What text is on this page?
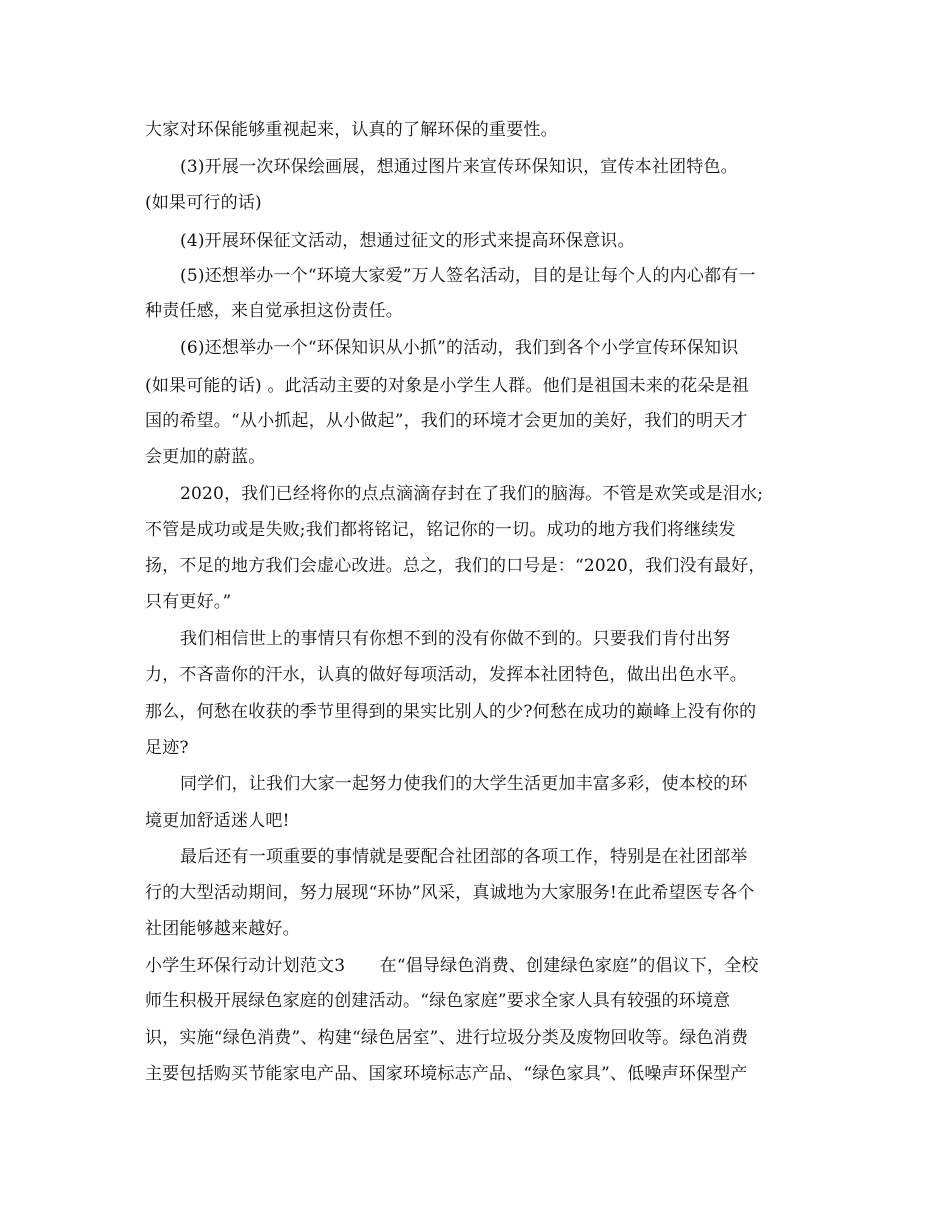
大家对环保能够重视起来，认真的了解环保的重要性。
(3)开展一次环保绘画展，想通过图片来宣传环保知识，宣传本社团特色。
(如果可行的话)
(4)开展环保征文活动，想通过征文的形式来提高环保意识。
(5)还想举办一个“环境大家爱”万人签名活动，目的是让每个人的内心都有一
种责任感，来自觉承担这份责任。
(6)还想举办一个“环保知识从小抓”的活动，我们到各个小学宣传环保知识
(如果可能的话) 。此活动主要的对象是小学生人群。他们是祖国未来的花朵是祖
国的希望。“从小抓起，从小做起”，我们的环境才会更加的美好，我们的明天才
会更加的蔚蓝。
2020，我们已经将你的点点滴滴存封在了我们的脑海。不管是欢笑或是泪水;
不管是成功或是失败;我们都将铭记，铭记你的一切。成功的地方我们将继续发
扬，不足的地方我们会虚心改进。总之，我们的口号是：“2020，我们没有最好，
只有更好。”
我们相信世上的事情只有你想不到的没有你做不到的。只要我们肯付出努
力，不吝啬你的汗水，认真的做好每项活动，发挥本社团特色，做出出色水平。
那么，何愁在收获的季节里得到的果实比别人的少?何愁在成功的巅峰上没有你的
足迹?
同学们，让我们大家一起努力使我们的大学生活更加丰富多彩，使本校的环
境更加舒适迷人吧!
最后还有一项重要的事情就是要配合社团部的各项工作，特别是在社团部举
行的大型活动期间，努力展现“环协”风采，真诚地为大家服务!在此希望医专各个
社团能够越来越好。
小学生环保行动计划范文3　　在“倡导绿色消费、创建绿色家庭”的倡议下，全校
师生积极开展绿色家庭的创建活动。“绿色家庭”要求全家人具有较强的环境意
识，实施“绿色消费”、构建“绿色居室”、进行垃圾分类及废物回收等。绿色消费
主要包括购买节能家电产品、国家环境标志产品、“绿色家具”、低噪声环保型产
